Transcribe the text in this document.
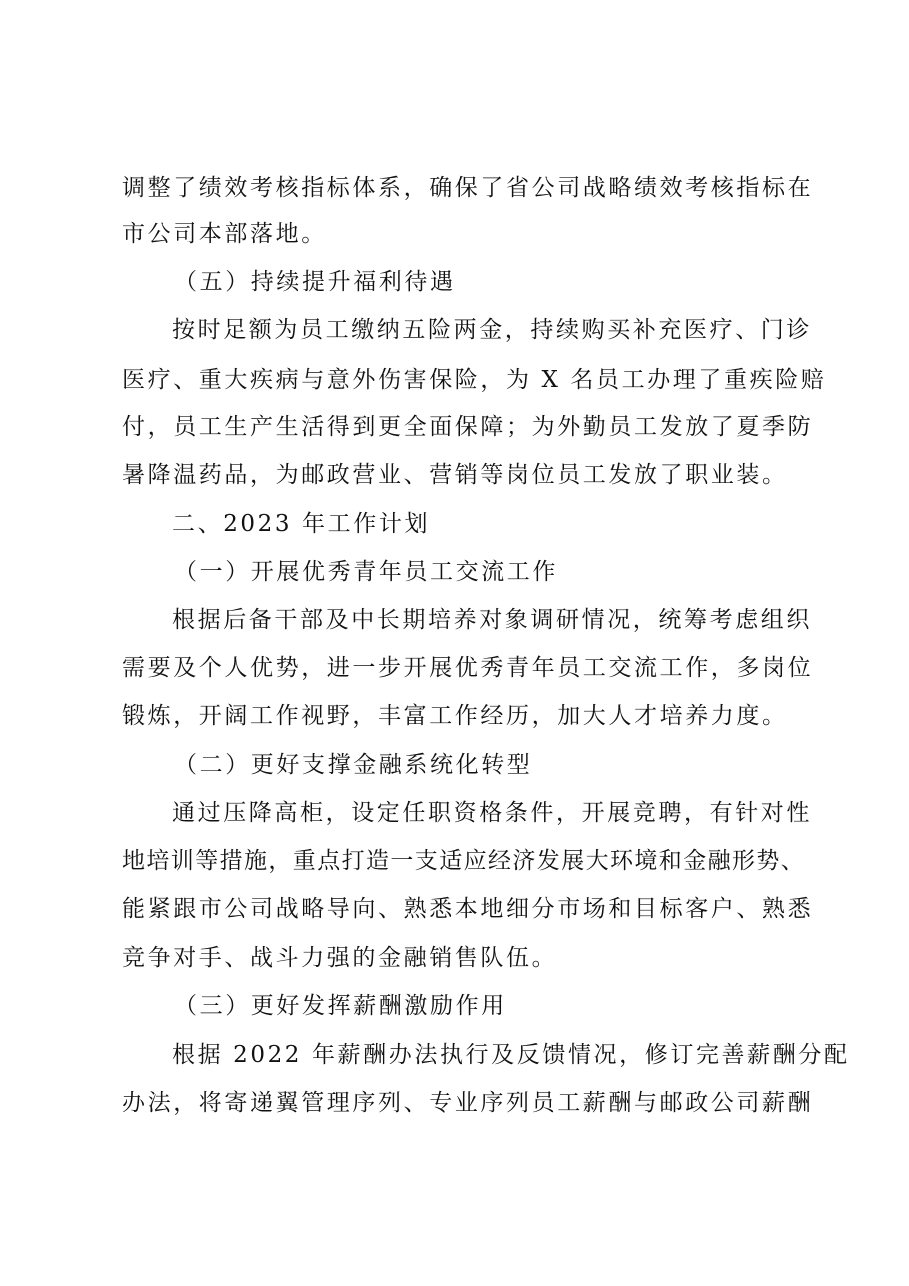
调整了绩效考核指标体系，确保了省公司战略绩效考核指标在
市公司本部落地。
（五）持续提升福利待遇
按时足额为员工缴纳五险两金，持续购买补充医疗、门诊
医疗、重大疾病与意外伤害保险，为 X 名员工办理了重疾险赔
付，员工生产生活得到更全面保障；为外勤员工发放了夏季防
暑降温药品，为邮政营业、营销等岗位员工发放了职业装。
二、2023 年工作计划
（一）开展优秀青年员工交流工作
根据后备干部及中长期培养对象调研情况，统筹考虑组织
需要及个人优势，进一步开展优秀青年员工交流工作，多岗位
锻炼，开阔工作视野，丰富工作经历，加大人才培养力度。
（二）更好支撑金融系统化转型
通过压降高柜，设定任职资格条件，开展竞聘，有针对性
地培训等措施，重点打造一支适应经济发展大环境和金融形势、
能紧跟市公司战略导向、熟悉本地细分市场和目标客户、熟悉
竞争对手、战斗力强的金融销售队伍。
（三）更好发挥薪酬激励作用
根据 2022 年薪酬办法执行及反馈情况，修订完善薪酬分配
办法，将寄递翼管理序列、专业序列员工薪酬与邮政公司薪酬
